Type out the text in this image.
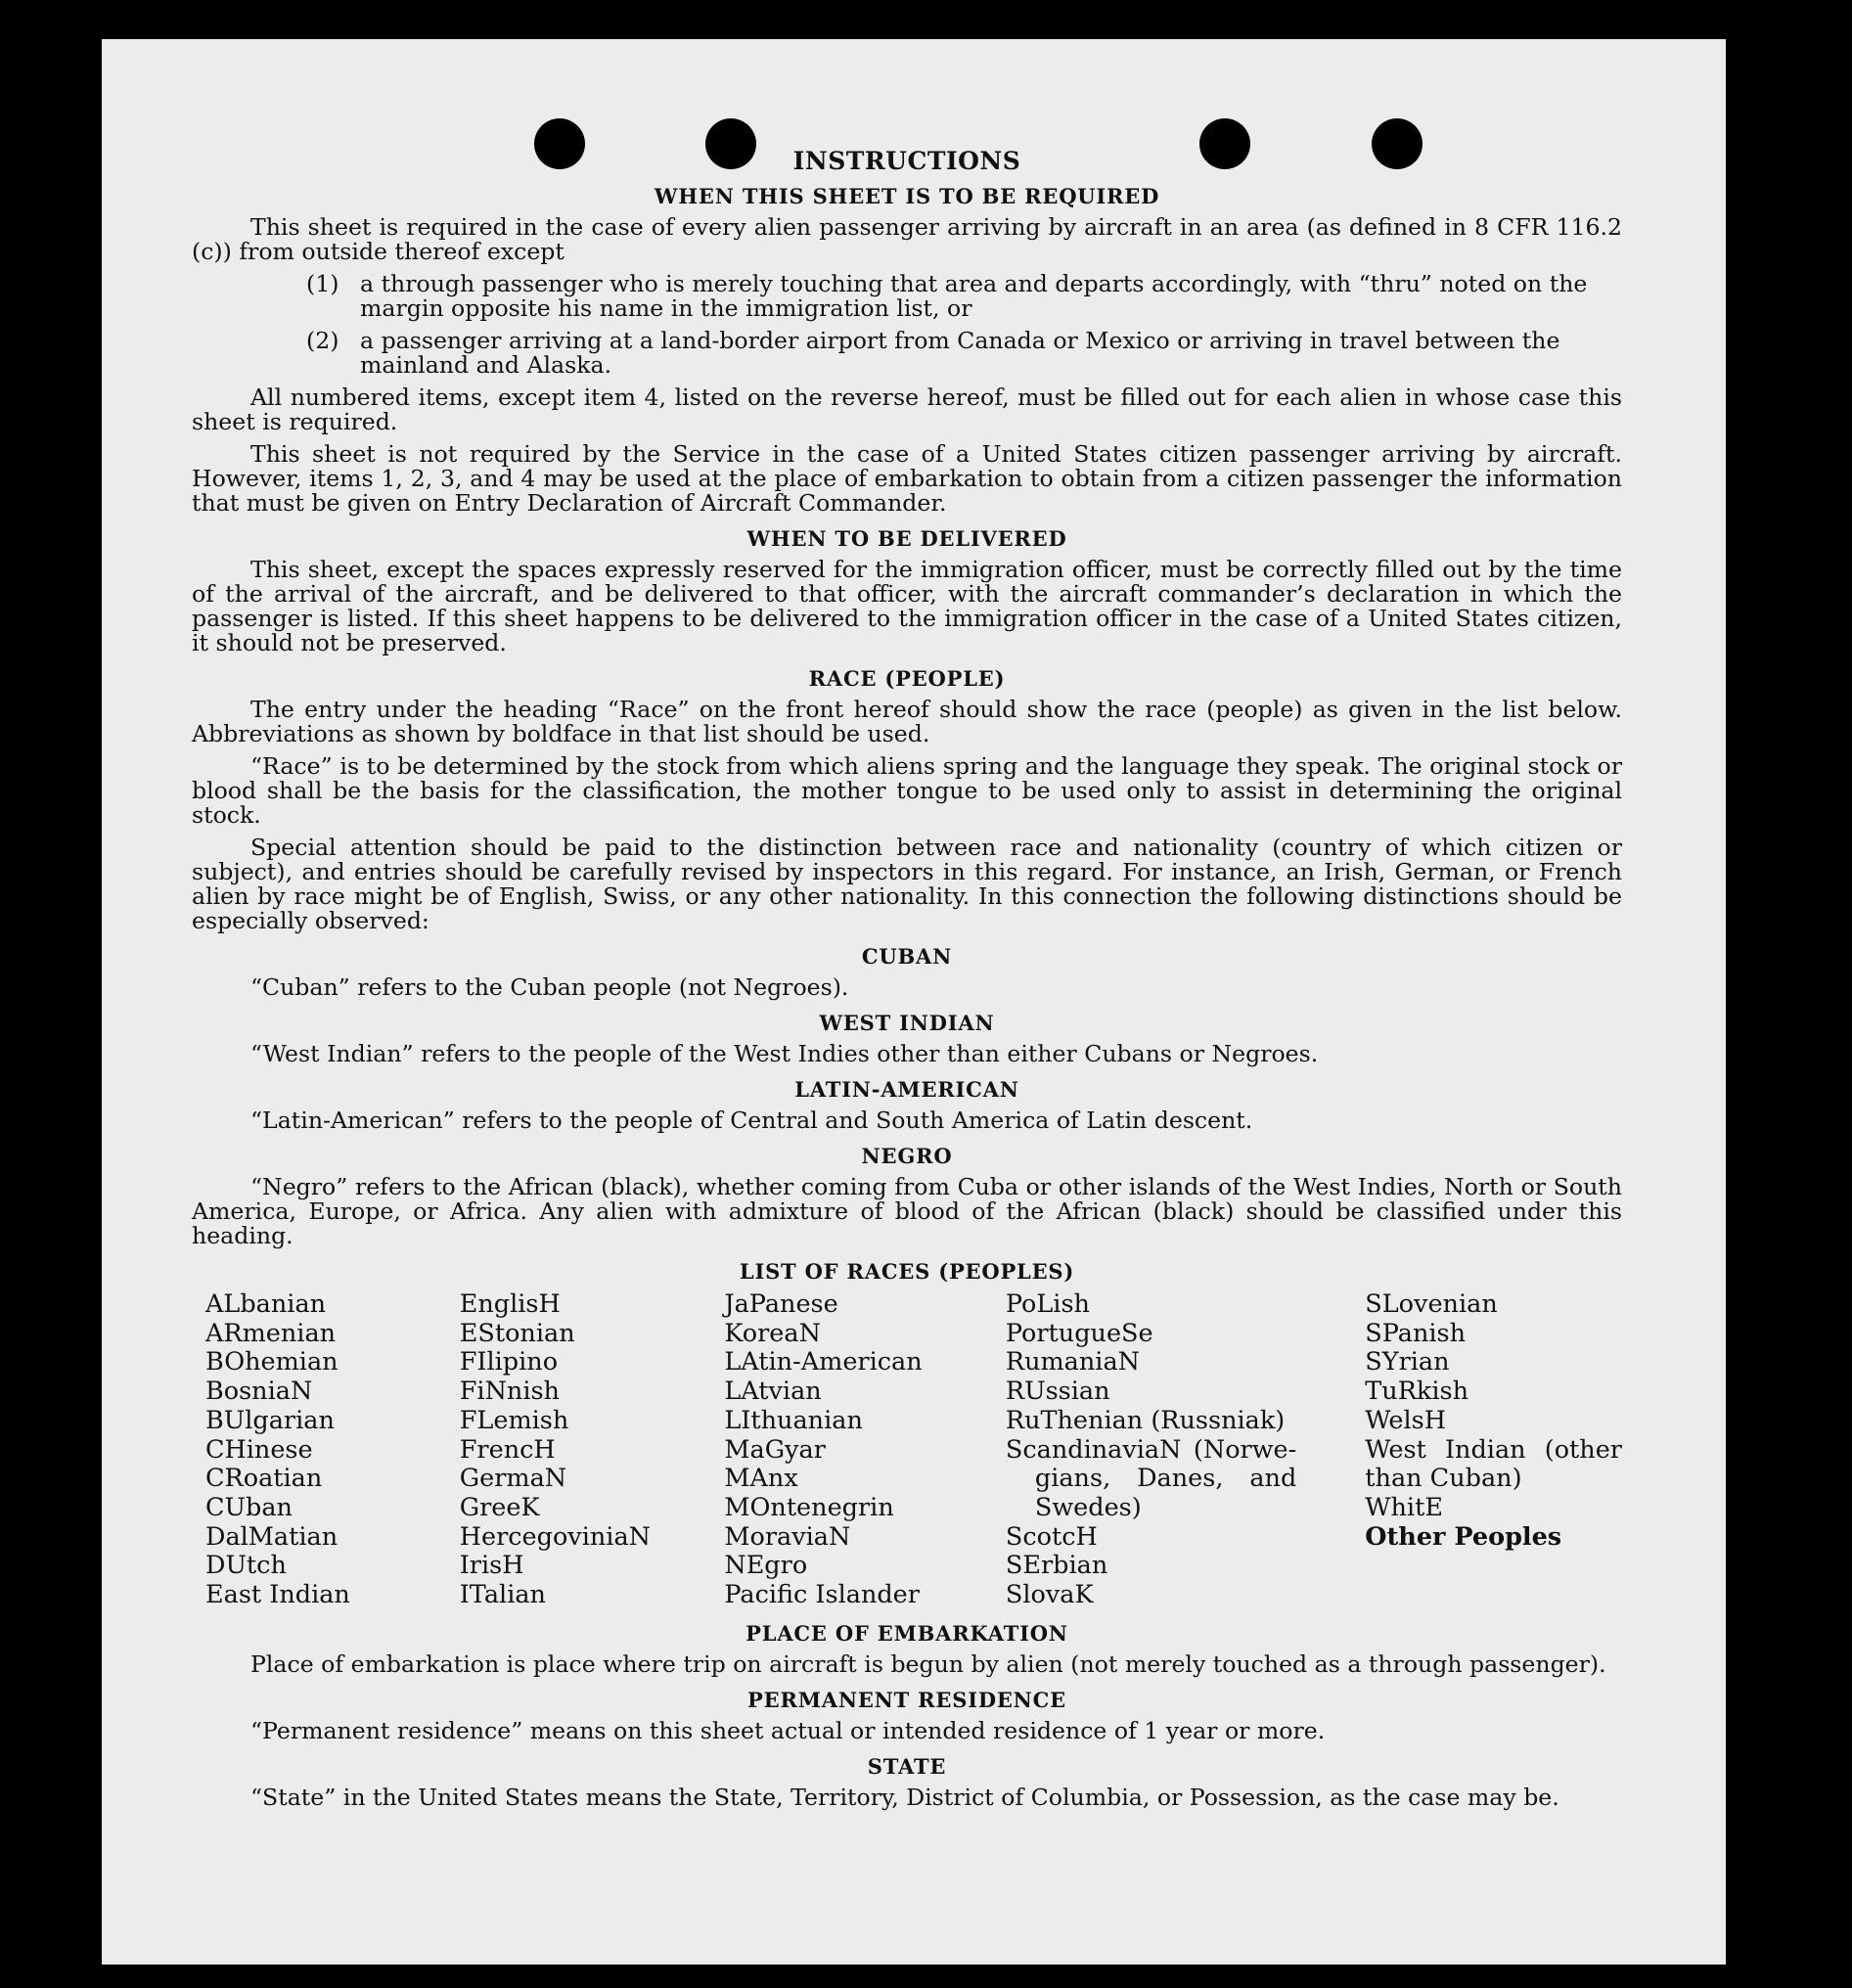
INSTRUCTIONS
WHEN THIS SHEET IS TO BE REQUIRED
This sheet is required in the case of every alien passenger arriving by aircraft in an area (as defined in 8 CFR 116.2 (c)) from outside thereof except
(1) a through passenger who is merely touching that area and departs accordingly, with “thru” noted on the margin opposite his name in the immigration list, or
(2) a passenger arriving at a land-border airport from Canada or Mexico or arriving in travel between the mainland and Alaska.
All numbered items, except item 4, listed on the reverse hereof, must be filled out for each alien in whose case this sheet is required.
This sheet is not required by the Service in the case of a United States citizen passenger arriving by aircraft. However, items 1, 2, 3, and 4 may be used at the place of embarkation to obtain from a citizen passenger the information that must be given on Entry Declaration of Aircraft Commander.
WHEN TO BE DELIVERED
This sheet, except the spaces expressly reserved for the immigration officer, must be correctly filled out by the time of the arrival of the aircraft, and be delivered to that officer, with the aircraft commander’s declaration in which the passenger is listed. If this sheet happens to be delivered to the immigration officer in the case of a United States citizen, it should not be preserved.
RACE (PEOPLE)
The entry under the heading “Race” on the front hereof should show the race (people) as given in the list below. Abbreviations as shown by boldface in that list should be used.
“Race” is to be determined by the stock from which aliens spring and the language they speak. The original stock or blood shall be the basis for the classification, the mother tongue to be used only to assist in determining the original stock.
Special attention should be paid to the distinction between race and nationality (country of which citizen or subject), and entries should be carefully revised by inspectors in this regard. For instance, an Irish, German, or French alien by race might be of English, Swiss, or any other nationality. In this connection the following distinctions should be especially observed:
CUBAN
“Cuban” refers to the Cuban people (not Negroes).
WEST INDIAN
“West Indian” refers to the people of the West Indies other than either Cubans or Negroes.
LATIN-AMERICAN
“Latin-American” refers to the people of Central and South America of Latin descent.
NEGRO
“Negro” refers to the African (black), whether coming from Cuba or other islands of the West Indies, North or South America, Europe, or Africa. Any alien with admixture of blood of the African (black) should be classified under this heading.
LIST OF RACES (PEOPLES)
ALbanian
ARmenian
BOhemian
BosniaN
BUlgarian
CHinese
CRoatian
CUban
DalMatian
DUtch
East Indian
EnglisH
EStonian
FIlipino
FiNnish
FLemish
FrencH
GermaN
GreeK
HercegoviniaN
IrisH
ITalian
JaPanese
KoreaN
LAtin-American
LAtvian
LIthuanian
MaGyar
MAnx
MOntenegrin
MoraviaN
NEgro
Pacific Islander
PoLish
PortugueSe
RumaniaN
RUssian
RuThenian (Russniak)
ScandinaviaN (Norwe-
gians, Danes, and
Swedes)
ScotcH
SErbian
SlovaK
SLovenian
SPanish
SYrian
TuRkish
WelsH
West Indian (other
than Cuban)
WhitE
Other Peoples
PLACE OF EMBARKATION
Place of embarkation is place where trip on aircraft is begun by alien (not merely touched as a through passenger).
PERMANENT RESIDENCE
“Permanent residence” means on this sheet actual or intended residence of 1 year or more.
STATE
“State” in the United States means the State, Territory, District of Columbia, or Possession, as the case may be.
